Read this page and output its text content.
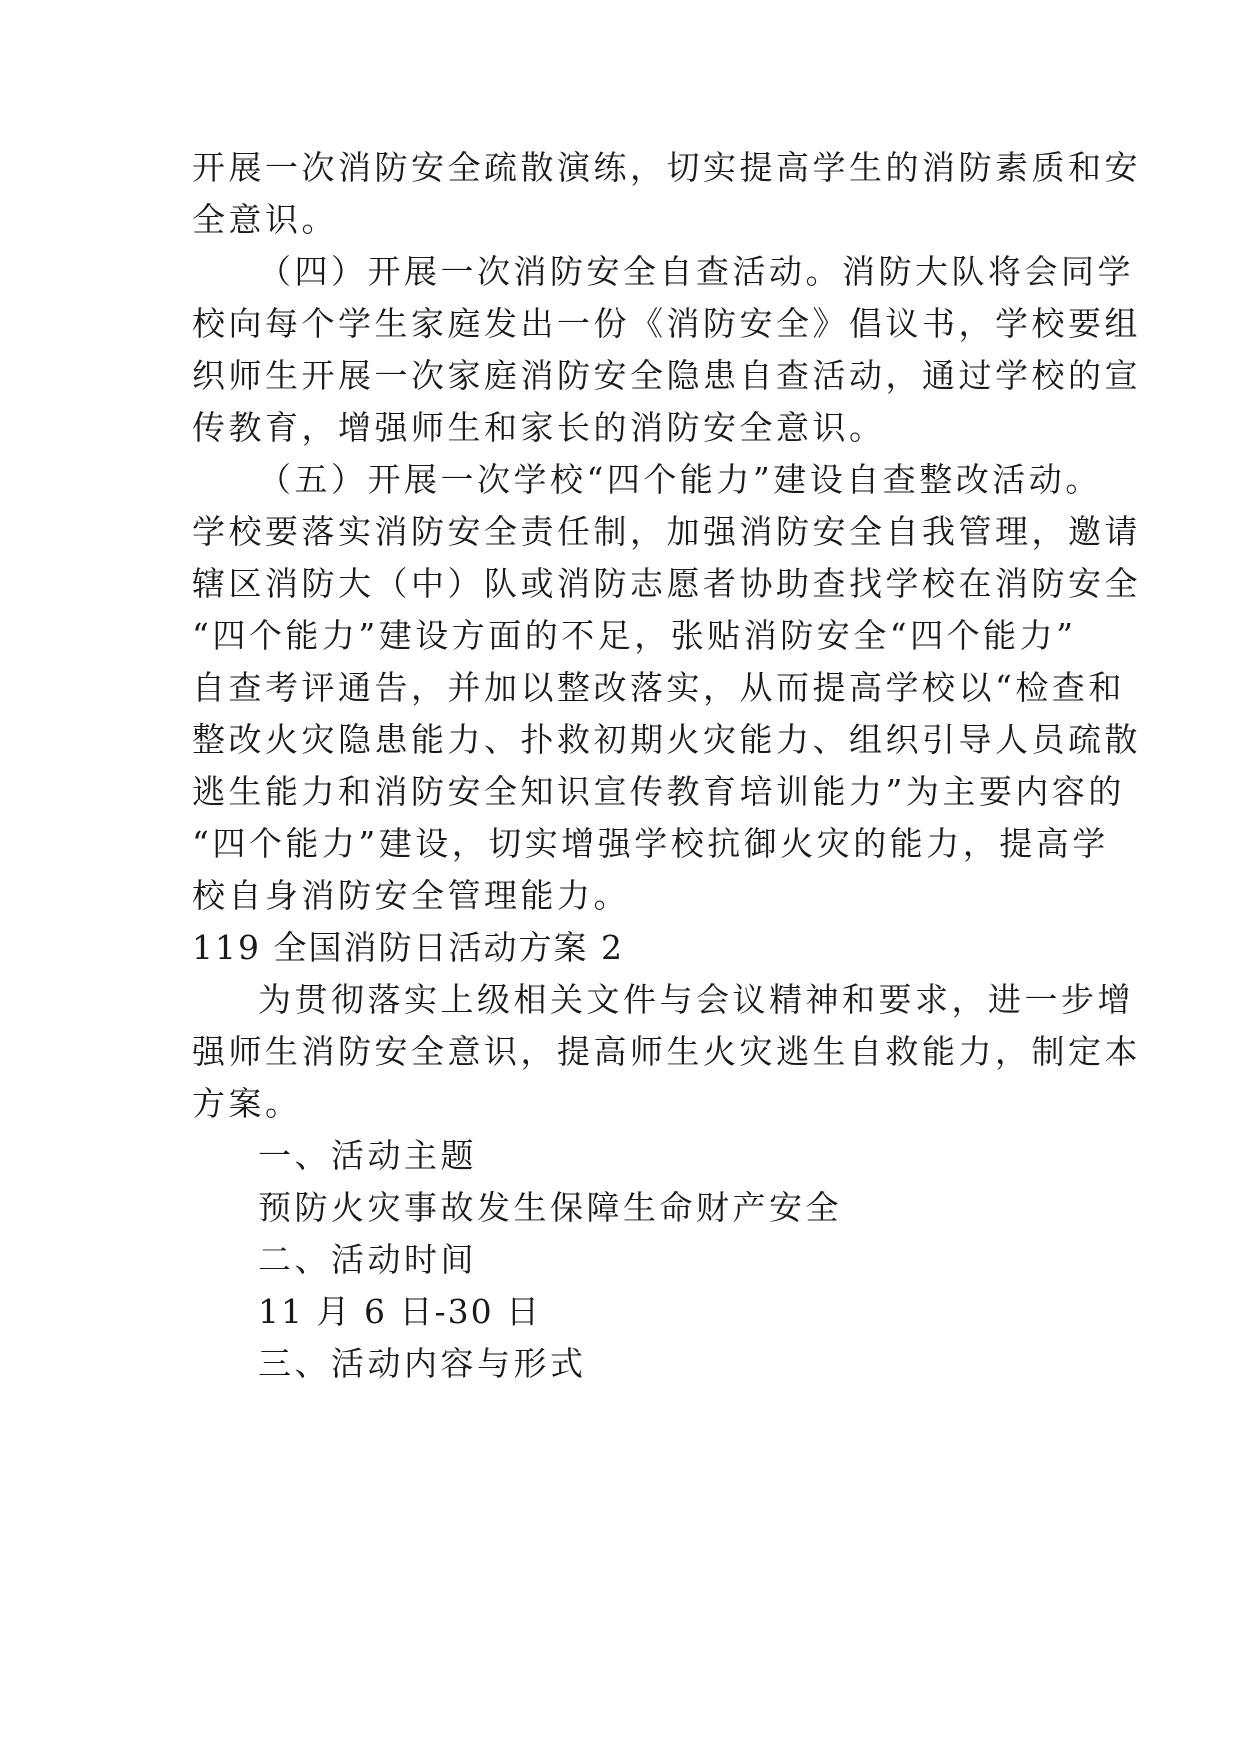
开展一次消防安全疏散演练，切实提高学生的消防素质和安
全意识。
（四）开展一次消防安全自查活动。消防大队将会同学
校向每个学生家庭发出一份《消防安全》倡议书，学校要组
织师生开展一次家庭消防安全隐患自查活动，通过学校的宣
传教育，增强师生和家长的消防安全意识。
（五）开展一次学校“四个能力”建设自查整改活动。
学校要落实消防安全责任制，加强消防安全自我管理，邀请
辖区消防大（中）队或消防志愿者协助查找学校在消防安全
“四个能力”建设方面的不足，张贴消防安全“四个能力”
自查考评通告，并加以整改落实，从而提高学校以“检查和
整改火灾隐患能力、扑救初期火灾能力、组织引导人员疏散
逃生能力和消防安全知识宣传教育培训能力”为主要内容的
“四个能力”建设，切实增强学校抗御火灾的能力，提高学
校自身消防安全管理能力。
119 全国消防日活动方案 2
为贯彻落实上级相关文件与会议精神和要求，进一步增
强师生消防安全意识，提高师生火灾逃生自救能力，制定本
方案。
一、活动主题
预防火灾事故发生保障生命财产安全
二、活动时间
11 月 6 日-30 日
三、活动内容与形式
